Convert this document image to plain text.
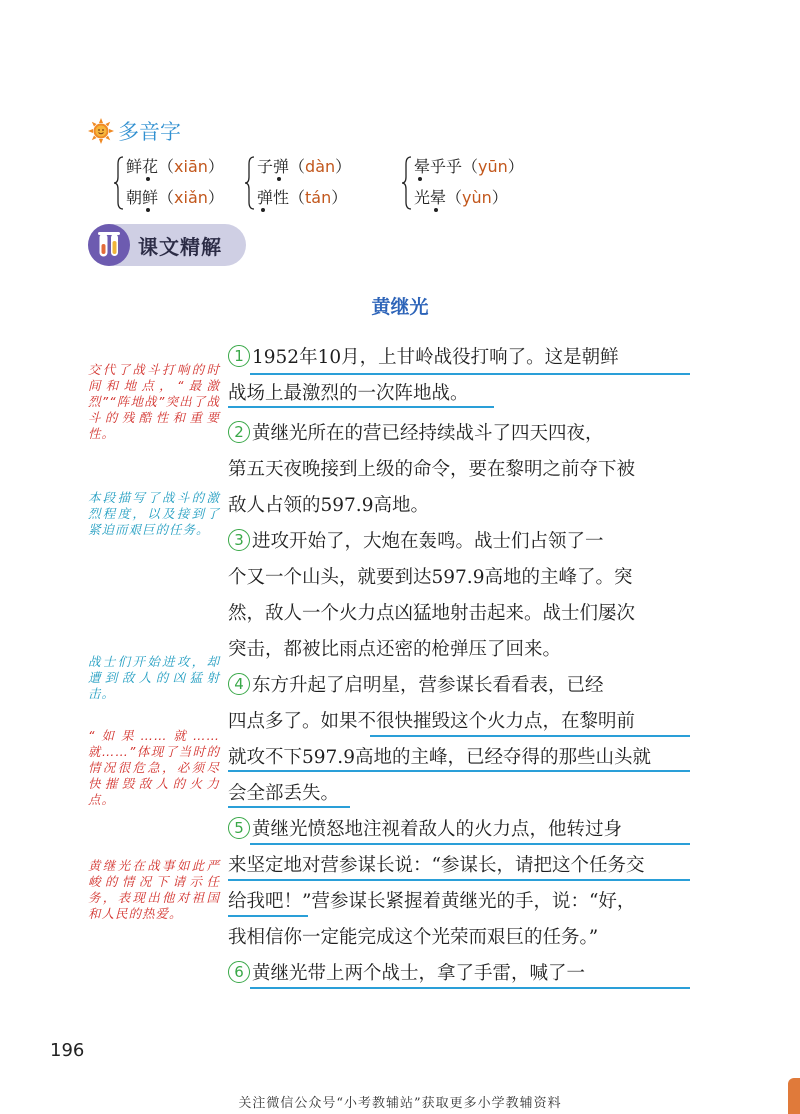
多音字
鲜花（xiān）
朝鲜（xiǎn）
子弹（dàn）
弹性（tán）
晕乎乎（yūn）
光晕（yùn）
课文精解
黄继光
1 1952年10月，上甘岭战役打响了。这是朝鲜
战场上最激烈的一次阵地战。
2 黄继光所在的营已经持续战斗了四天四夜，
第五天夜晚接到上级的命令，要在黎明之前夺下被
敌人占领的597.9高地。
3 进攻开始了，大炮在轰鸣。战士们占领了一
个又一个山头，就要到达597.9高地的主峰了。突
然，敌人一个火力点凶猛地射击起来。战士们屡次
突击，都被比雨点还密的枪弹压了回来。
4 东方升起了启明星，营参谋长看看表，已经
四点多了。如果不很快摧毁这个火力点，在黎明前
就攻不下597.9高地的主峰，已经夺得的那些山头就
会全部丢失。
5 黄继光愤怒地注视着敌人的火力点，他转过身
来坚定地对营参谋长说：“参谋长，请把这个任务交
给我吧！”营参谋长紧握着黄继光的手，说：“好，
我相信你一定能完成这个光荣而艰巨的任务。”
6 黄继光带上两个战士，拿了手雷，喊了一
交代了战斗打响的时间和地点，“最激烈”“阵地战”突出了战斗的残酷性和重要性。
本段描写了战斗的激烈程度，以及接到了紧迫而艰巨的任务。
战士们开始进攻，却遭到敌人的凶猛射击。
“如果……就……就……”体现了当时的情况很危急，必须尽快摧毁敌人的火力点。
黄继光在战事如此严峻的情况下请示任务，表现出他对祖国和人民的热爱。
196
关注微信公众号“小考教辅站”获取更多小学教辅资料
